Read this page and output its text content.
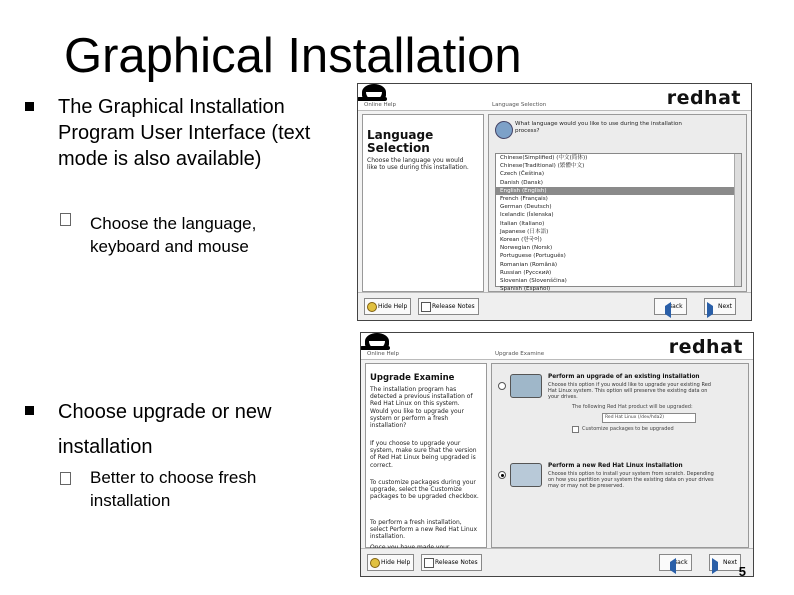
Graphical Installation
The Graphical Installation Program User Interface (text mode is also available)
Choose the language, keyboard and mouse
Choose upgrade or new installation
Better to choose fresh installation
redhat
Online Help	Language Selection
Language Selection
Choose the language you would like to use during this installation.
What language would you like to use during the installation process?
Chinese(Simplified) (中文(简体))
Chinese(Traditional) (繁體中文)
Czech (Čeština)
Danish (Dansk)
English (English)
French (Français)
German (Deutsch)
Icelandic (Íslenska)
Italian (Italiano)
Japanese (日本語)
Korean (한국어)
Norwegian (Norsk)
Portuguese (Português)
Romanian (Română)
Russian (Русский)
Slovenian (Slovenščina)
Spanish (Español)
Hide Help	Release Notes	Back	Next
redhat
Online Help	Upgrade Examine
Upgrade Examine
The installation program has detected a previous installation of Red Hat Linux on this system. Would you like to upgrade your system or perform a fresh installation?
If you choose to upgrade your system, make sure that the version of Red Hat Linux being upgraded is correct.
To customize packages during your upgrade, select the Customize packages to be upgraded checkbox.
To perform a fresh installation, select Perform a new Red Hat Linux installation.
Perform an upgrade of an existing installation
Choose this option if you would like to upgrade your existing Red Hat Linux system. This option will preserve the existing data on your drives.
The following Red Hat product will be upgraded:
Red Hat Linux (/dev/hda2)
Customize packages to be upgraded
Perform a new Red Hat Linux installation
Choose this option to install your system from scratch. Depending on how you partition your system the existing data on your drives may or may not be preserved.
Hide Help	Release Notes	Back	Next
5
